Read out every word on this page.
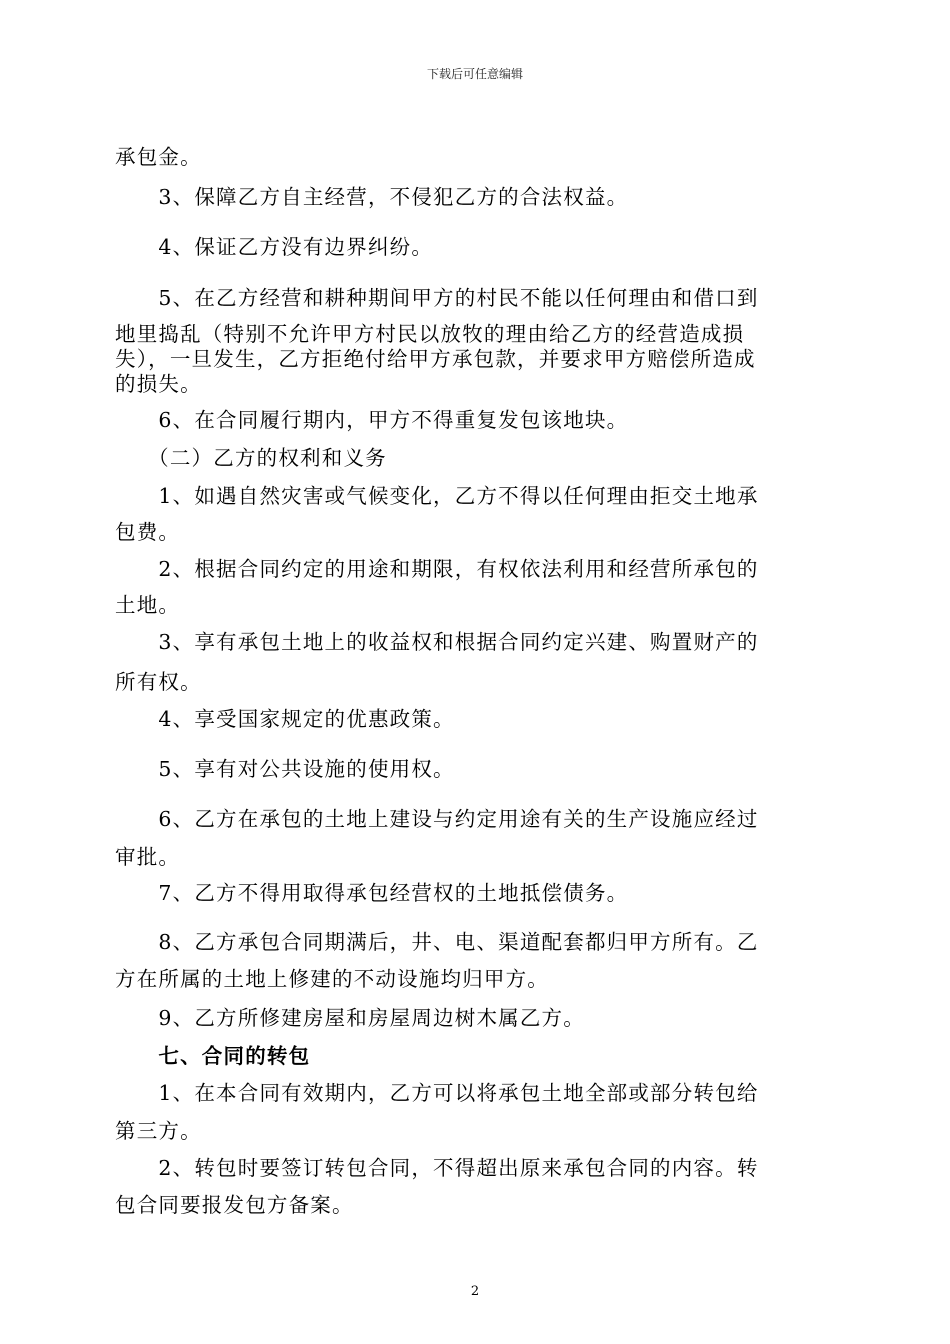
下载后可任意编辑
承包金。
　　3、保障乙方自主经营，不侵犯乙方的合法权益。
　　4、保证乙方没有边界纠纷。
　　5、在乙方经营和耕种期间甲方的村民不能以任何理由和借口到
地里捣乱（特别不允许甲方村民以放牧的理由给乙方的经营造成损
失），一旦发生，乙方拒绝付给甲方承包款，并要求甲方赔偿所造成
的损失。
　　6、在合同履行期内，甲方不得重复发包该地块。
　　（二）乙方的权利和义务
　　1、如遇自然灾害或气候变化，乙方不得以任何理由拒交土地承
包费。
　　2、根据合同约定的用途和期限，有权依法利用和经营所承包的
土地。
　　3、享有承包土地上的收益权和根据合同约定兴建、购置财产的
所有权。
　　4、享受国家规定的优惠政策。
　　5、享有对公共设施的使用权。
　　6、乙方在承包的土地上建设与约定用途有关的生产设施应经过
审批。
　　7、乙方不得用取得承包经营权的土地抵偿债务。
　　8、乙方承包合同期满后，井、电、渠道配套都归甲方所有。乙
方在所属的土地上修建的不动设施均归甲方。
　　9、乙方所修建房屋和房屋周边树木属乙方。
　　七、合同的转包
　　1、在本合同有效期内，乙方可以将承包土地全部或部分转包给
第三方。
　　2、转包时要签订转包合同，不得超出原来承包合同的内容。转
包合同要报发包方备案。
2
